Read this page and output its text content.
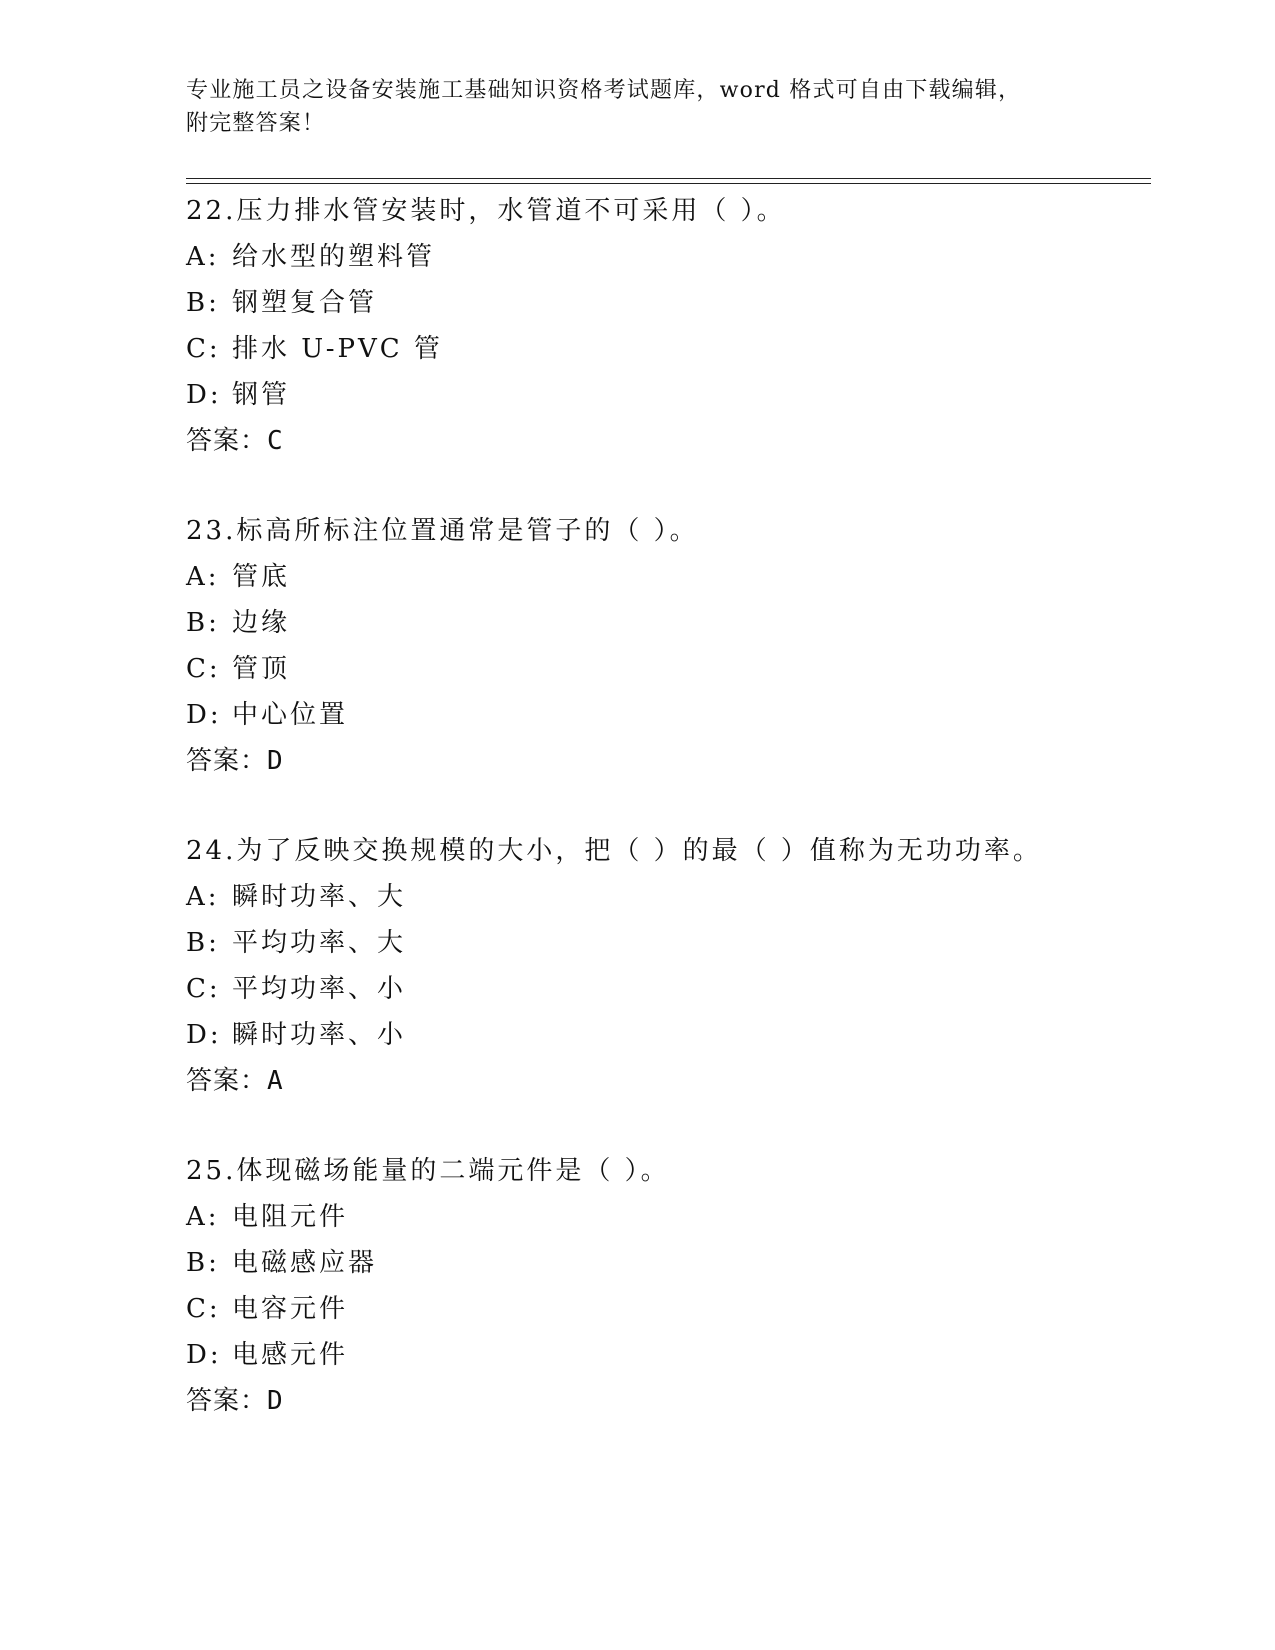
专业施工员之设备安装施工基础知识资格考试题库，word 格式可自由下载编辑，
附完整答案！
22.压力排水管安装时，水管道不可采用（ ）。
A: 给水型的塑料管
B: 钢塑复合管
C: 排水 U-PVC 管
D: 钢管
答案：C
23.标高所标注位置通常是管子的（ ）。
A: 管底
B: 边缘
C: 管顶
D: 中心位置
答案：D
24.为了反映交换规模的大小，把（ ）的最（ ）值称为无功功率。
A: 瞬时功率、大
B: 平均功率、大
C: 平均功率、小
D: 瞬时功率、小
答案：A
25.体现磁场能量的二端元件是（ ）。
A: 电阻元件
B: 电磁感应器
C: 电容元件
D: 电感元件
答案：D
